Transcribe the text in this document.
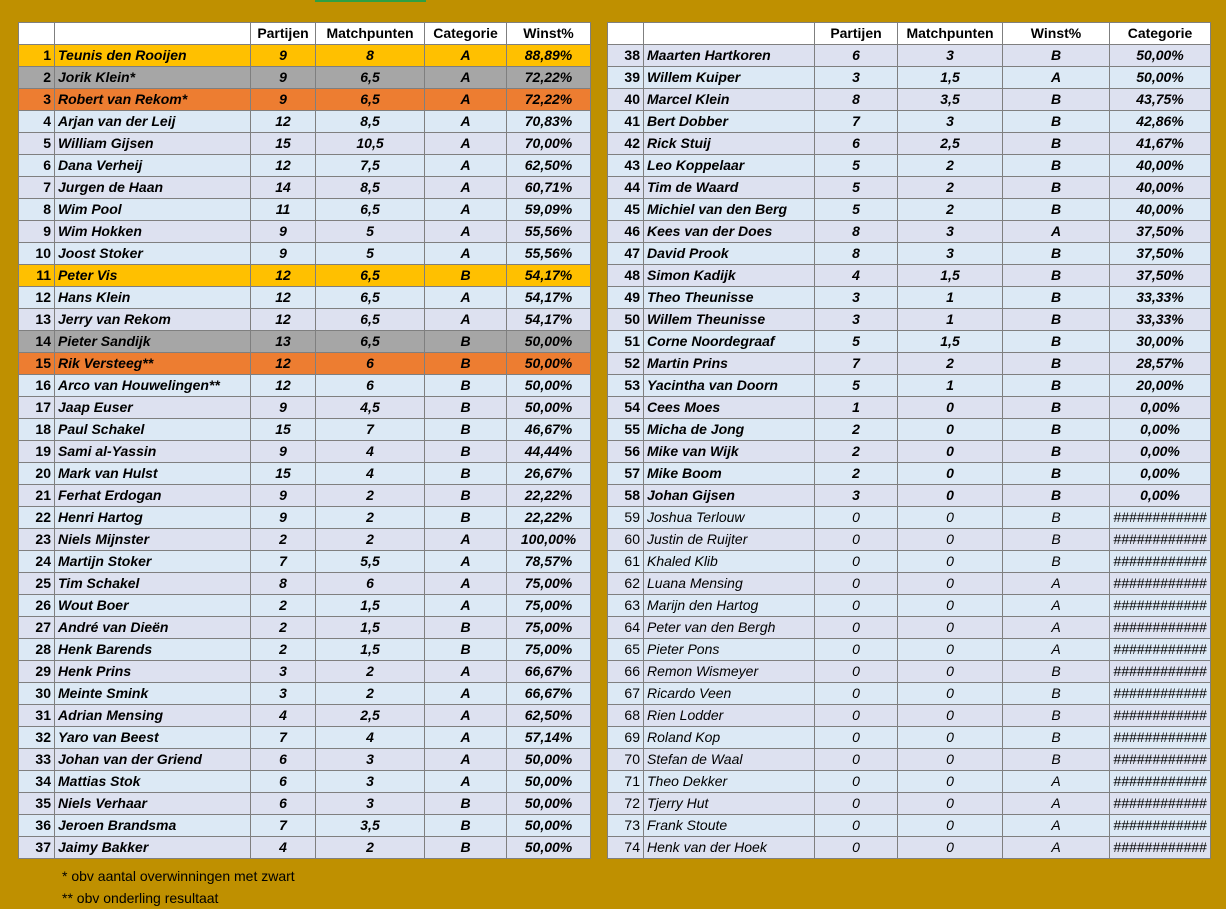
		Partijen	Matchpunten	Categorie	Winst%
1	Teunis den Rooijen	9	8	A	88,89%
2	Jorik Klein*	9	6,5	A	72,22%
3	Robert van Rekom*	9	6,5	A	72,22%
4	Arjan van der Leij	12	8,5	A	70,83%
5	William Gijsen	15	10,5	A	70,00%
6	Dana Verheij	12	7,5	A	62,50%
7	Jurgen de Haan	14	8,5	A	60,71%
8	Wim Pool	11	6,5	A	59,09%
9	Wim Hokken	9	5	A	55,56%
10	Joost Stoker	9	5	A	55,56%
11	Peter Vis	12	6,5	B	54,17%
12	Hans Klein	12	6,5	A	54,17%
13	Jerry van Rekom	12	6,5	A	54,17%
14	Pieter Sandijk	13	6,5	B	50,00%
15	Rik Versteeg**	12	6	B	50,00%
16	Arco van Houwelingen**	12	6	B	50,00%
17	Jaap Euser	9	4,5	B	50,00%
18	Paul Schakel	15	7	B	46,67%
19	Sami al-Yassin	9	4	B	44,44%
20	Mark van Hulst	15	4	B	26,67%
21	Ferhat Erdogan	9	2	B	22,22%
22	Henri Hartog	9	2	B	22,22%
23	Niels Mijnster	2	2	A	100,00%
24	Martijn Stoker	7	5,5	A	78,57%
25	Tim Schakel	8	6	A	75,00%
26	Wout Boer	2	1,5	A	75,00%
27	André van Dieën	2	1,5	B	75,00%
28	Henk Barends	2	1,5	B	75,00%
29	Henk Prins	3	2	A	66,67%
30	Meinte Smink	3	2	A	66,67%
31	Adrian Mensing	4	2,5	A	62,50%
32	Yaro van Beest	7	4	A	57,14%
33	Johan van der Griend	6	3	A	50,00%
34	Mattias Stok	6	3	A	50,00%
35	Niels Verhaar	6	3	B	50,00%
36	Jeroen Brandsma	7	3,5	B	50,00%
37	Jaimy Bakker	4	2	B	50,00%
		Partijen	Matchpunten	Winst%	Categorie
38	Maarten Hartkoren	6	3	B	50,00%
39	Willem Kuiper	3	1,5	A	50,00%
40	Marcel Klein	8	3,5	B	43,75%
41	Bert Dobber	7	3	B	42,86%
42	Rick Stuij	6	2,5	B	41,67%
43	Leo Koppelaar	5	2	B	40,00%
44	Tim de Waard	5	2	B	40,00%
45	Michiel van den Berg	5	2	B	40,00%
46	Kees van der Does	8	3	A	37,50%
47	David Prook	8	3	B	37,50%
48	Simon Kadijk	4	1,5	B	37,50%
49	Theo Theunisse	3	1	B	33,33%
50	Willem Theunisse	3	1	B	33,33%
51	Corne Noordegraaf	5	1,5	B	30,00%
52	Martin Prins	7	2	B	28,57%
53	Yacintha van Doorn	5	1	B	20,00%
54	Cees Moes	1	0	B	0,00%
55	Micha de Jong	2	0	B	0,00%
56	Mike van Wijk	2	0	B	0,00%
57	Mike Boom	2	0	B	0,00%
58	Johan Gijsen	3	0	B	0,00%
59	Joshua Terlouw	0	0	B	############
60	Justin de Ruijter	0	0	B	############
61	Khaled Klib	0	0	B	############
62	Luana Mensing	0	0	A	############
63	Marijn den Hartog	0	0	A	############
64	Peter van den Bergh	0	0	A	############
65	Pieter Pons	0	0	A	############
66	Remon Wismeyer	0	0	B	############
67	Ricardo Veen	0	0	B	############
68	Rien Lodder	0	0	B	############
69	Roland Kop	0	0	B	############
70	Stefan de Waal	0	0	B	############
71	Theo Dekker	0	0	A	############
72	Tjerry Hut	0	0	A	############
73	Frank Stoute	0	0	A	############
74	Henk van der Hoek	0	0	A	############
* obv aantal overwinningen met zwart
** obv onderling resultaat
